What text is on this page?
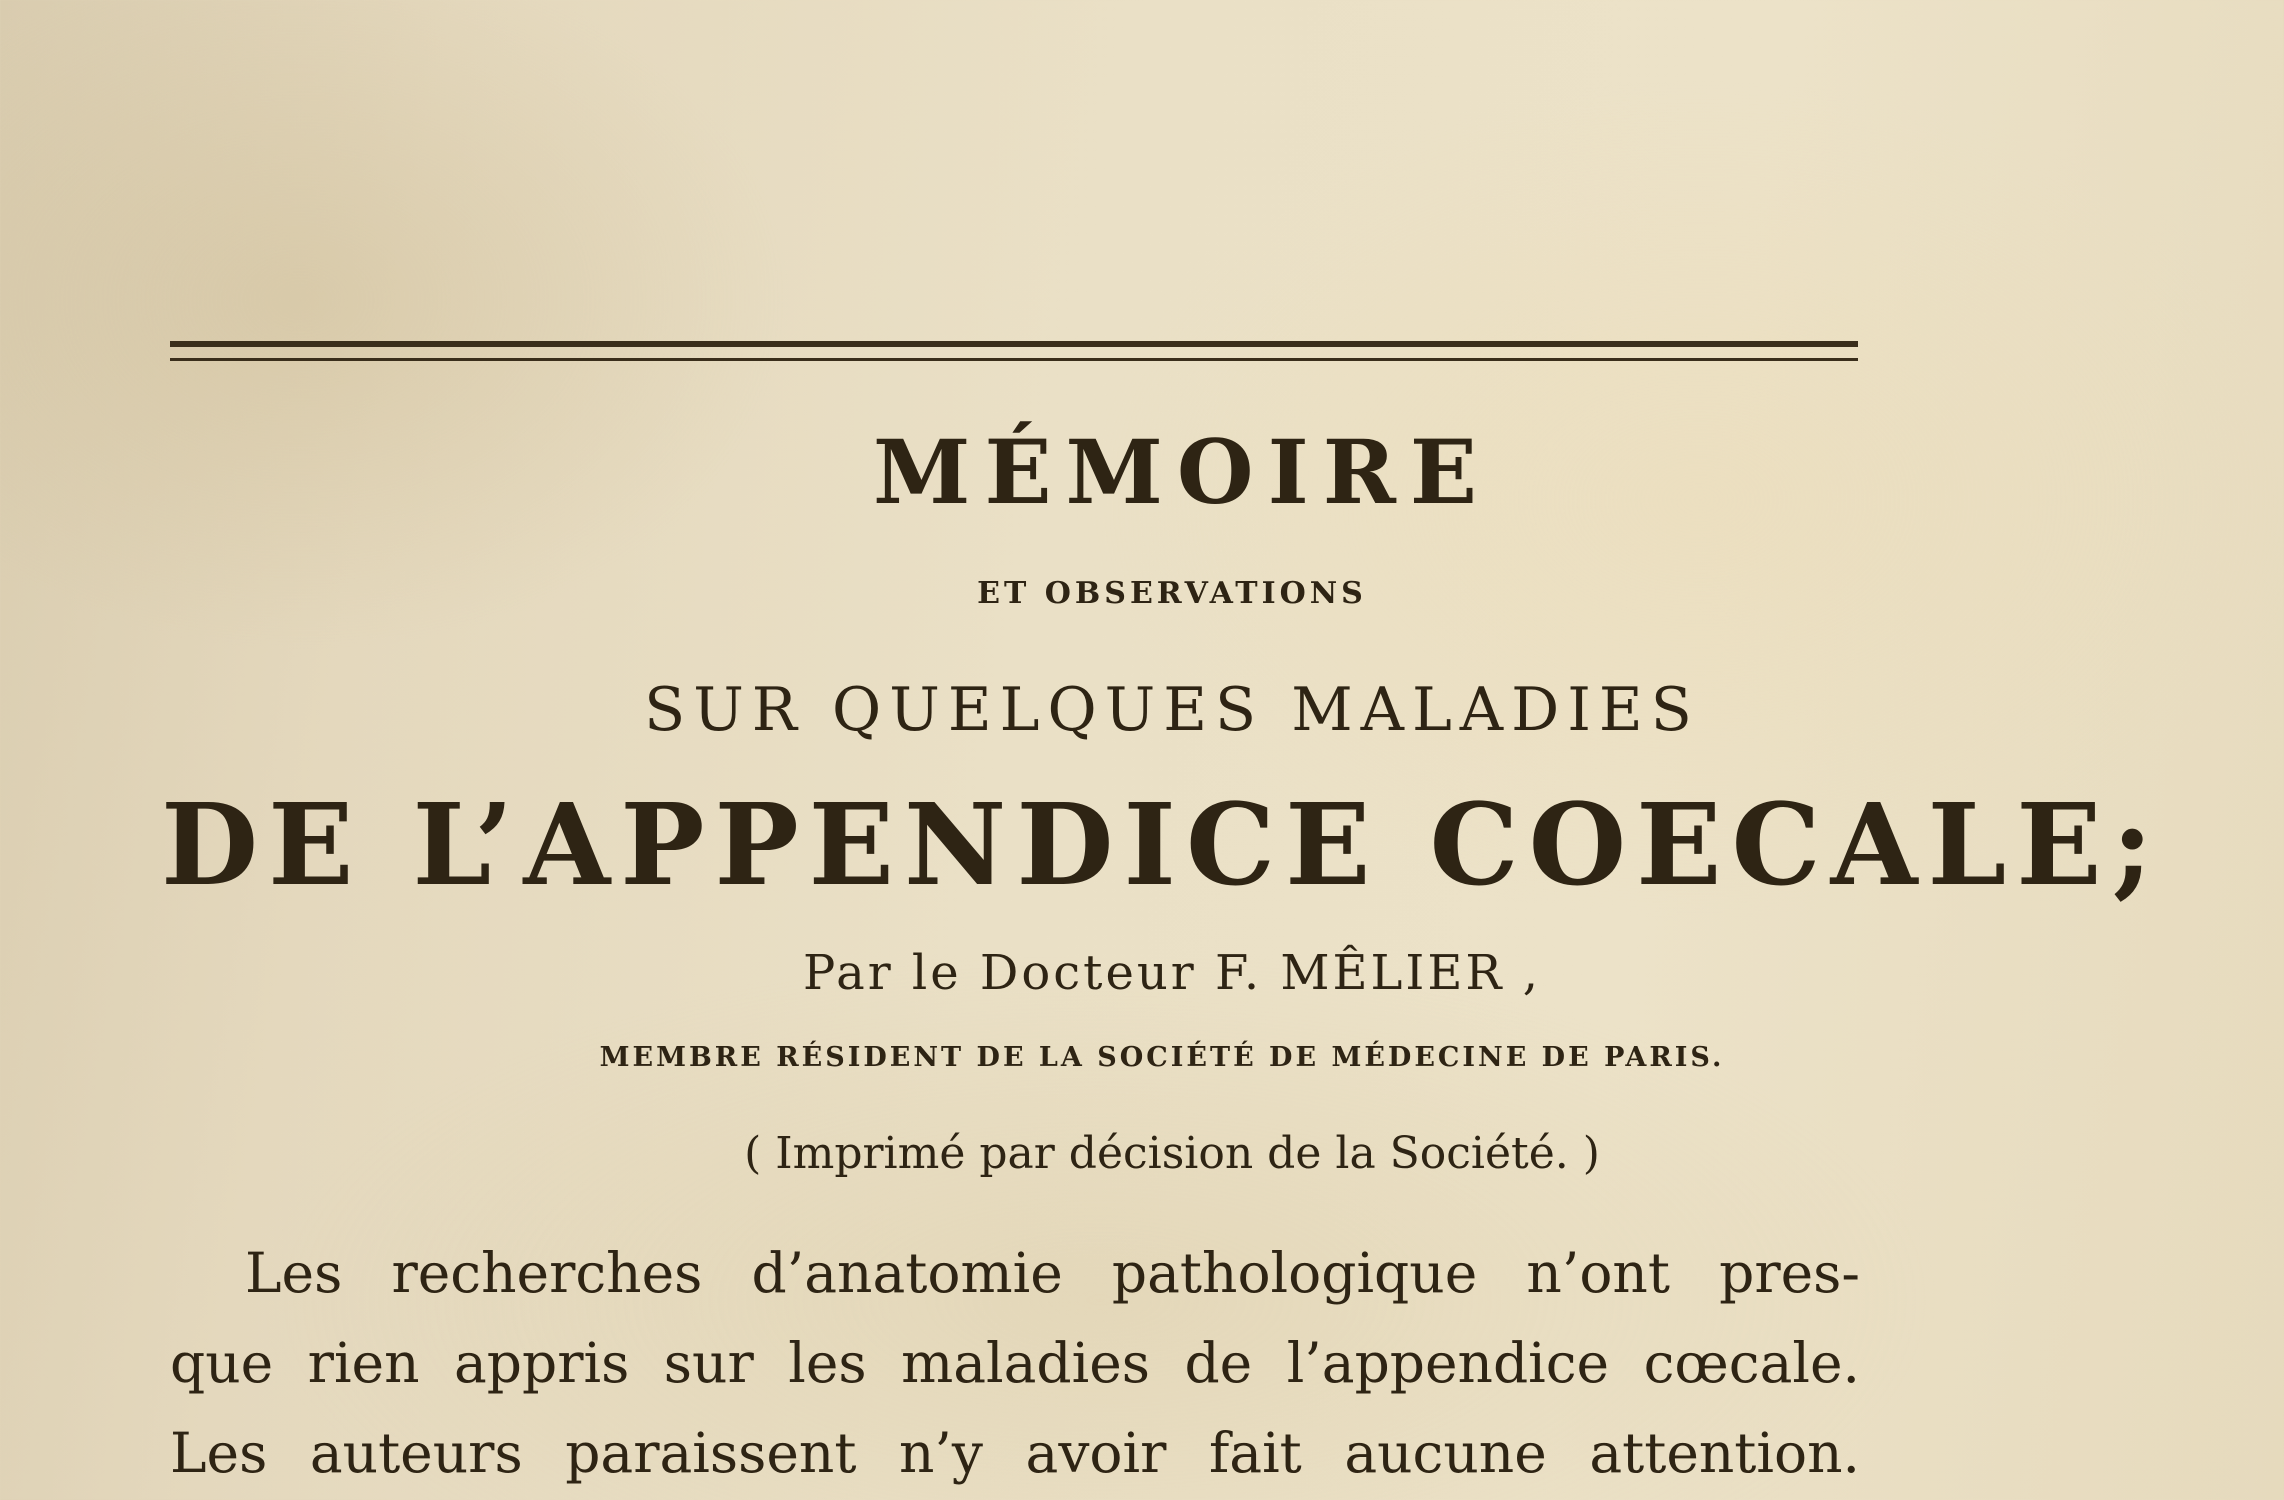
MÉMOIRE
ET OBSERVATIONS
SUR QUELQUES MALADIES
DE L’APPENDICE COECALE;
Par le Docteur F. MÊLIER ,
MEMBRE RÉSIDENT DE LA SOCIÉTÉ DE MÉDECINE DE PARIS.
( Imprimé par décision de la Société. )
Les recherches d’anatomie pathologique n’ont pres-
que rien appris sur les maladies de l’appendice cœcale.
Les auteurs paraissent n’y avoir fait aucune attention.
